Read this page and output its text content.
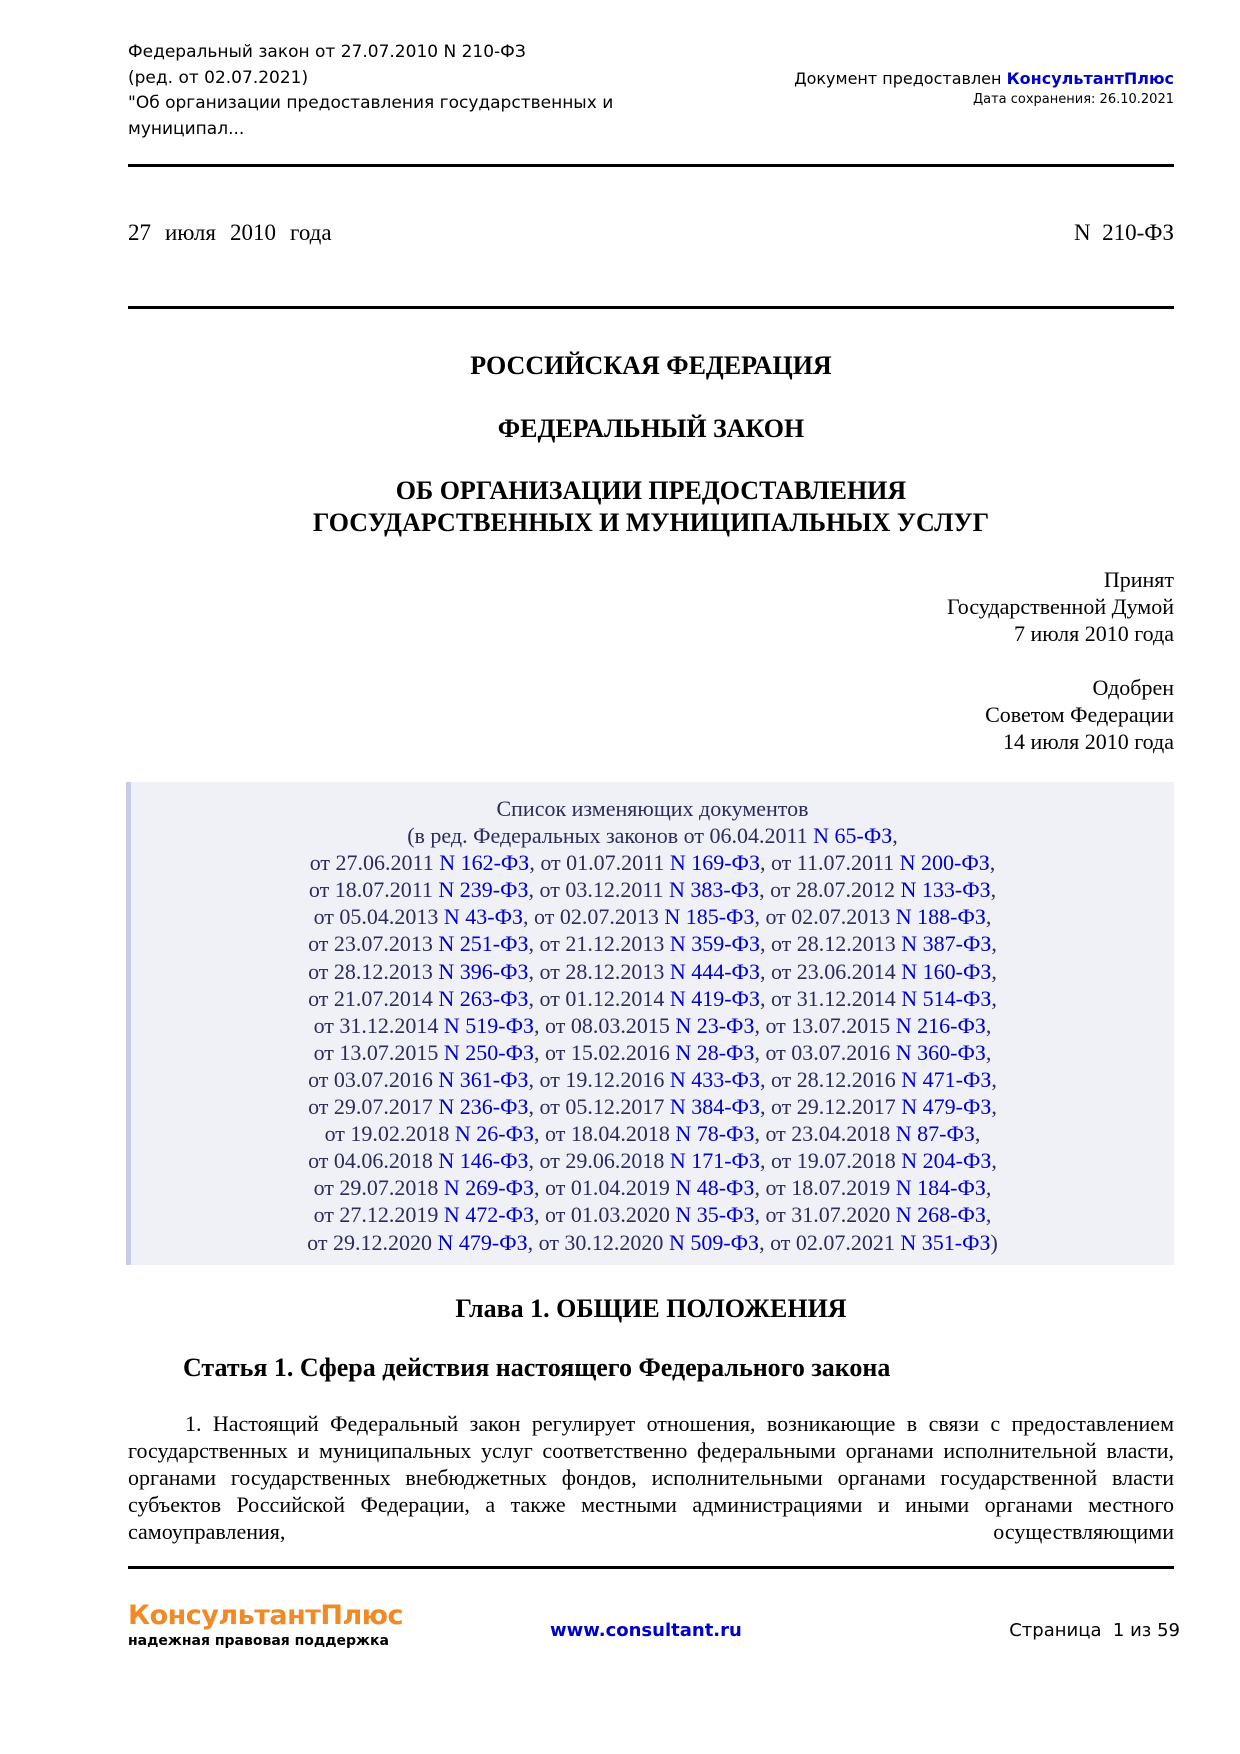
Федеральный закон от 27.07.2010 N 210-ФЗ
(ред. от 02.07.2021)
"Об организации предоставления государственных и
муниципал...
Документ предоставлен КонсультантПлюс
Дата сохранения: 26.10.2021
27 июля 2010 года	N  210-ФЗ
РОССИЙСКАЯ ФЕДЕРАЦИЯ
ФЕДЕРАЛЬНЫЙ ЗАКОН
ОБ ОРГАНИЗАЦИИ ПРЕДОСТАВЛЕНИЯ
ГОСУДАРСТВЕННЫХ И МУНИЦИПАЛЬНЫХ УСЛУГ
Принят
Государственной Думой
7 июля 2010 года
Одобрен
Советом Федерации
14 июля 2010 года
Список изменяющих документов
(в ред. Федеральных законов от 06.04.2011 N 65-ФЗ,
от 27.06.2011 N 162-ФЗ, от 01.07.2011 N 169-ФЗ, от 11.07.2011 N 200-ФЗ,
от 18.07.2011 N 239-ФЗ, от 03.12.2011 N 383-ФЗ, от 28.07.2012 N 133-ФЗ,
от 05.04.2013 N 43-ФЗ, от 02.07.2013 N 185-ФЗ, от 02.07.2013 N 188-ФЗ,
от 23.07.2013 N 251-ФЗ, от 21.12.2013 N 359-ФЗ, от 28.12.2013 N 387-ФЗ,
от 28.12.2013 N 396-ФЗ, от 28.12.2013 N 444-ФЗ, от 23.06.2014 N 160-ФЗ,
от 21.07.2014 N 263-ФЗ, от 01.12.2014 N 419-ФЗ, от 31.12.2014 N 514-ФЗ,
от 31.12.2014 N 519-ФЗ, от 08.03.2015 N 23-ФЗ, от 13.07.2015 N 216-ФЗ,
от 13.07.2015 N 250-ФЗ, от 15.02.2016 N 28-ФЗ, от 03.07.2016 N 360-ФЗ,
от 03.07.2016 N 361-ФЗ, от 19.12.2016 N 433-ФЗ, от 28.12.2016 N 471-ФЗ,
от 29.07.2017 N 236-ФЗ, от 05.12.2017 N 384-ФЗ, от 29.12.2017 N 479-ФЗ,
от 19.02.2018 N 26-ФЗ, от 18.04.2018 N 78-ФЗ, от 23.04.2018 N 87-ФЗ,
от 04.06.2018 N 146-ФЗ, от 29.06.2018 N 171-ФЗ, от 19.07.2018 N 204-ФЗ,
от 29.07.2018 N 269-ФЗ, от 01.04.2019 N 48-ФЗ, от 18.07.2019 N 184-ФЗ,
от 27.12.2019 N 472-ФЗ, от 01.03.2020 N 35-ФЗ, от 31.07.2020 N 268-ФЗ,
от 29.12.2020 N 479-ФЗ, от 30.12.2020 N 509-ФЗ, от 02.07.2021 N 351-ФЗ)
Глава 1. ОБЩИЕ ПОЛОЖЕНИЯ
Статья 1. Сфера действия настоящего Федерального закона
1. Настоящий Федеральный закон регулирует отношения, возникающие в связи с предоставлением государственных и муниципальных услуг соответственно федеральными органами исполнительной власти, органами государственных внебюджетных фондов, исполнительными органами государственной власти субъектов Российской Федерации, а также местными администрациями и иными органами местного самоуправления, осуществляющими
КонсультантПлюс
надежная правовая поддержка	www.consultant.ru	Страница  1 из 59
